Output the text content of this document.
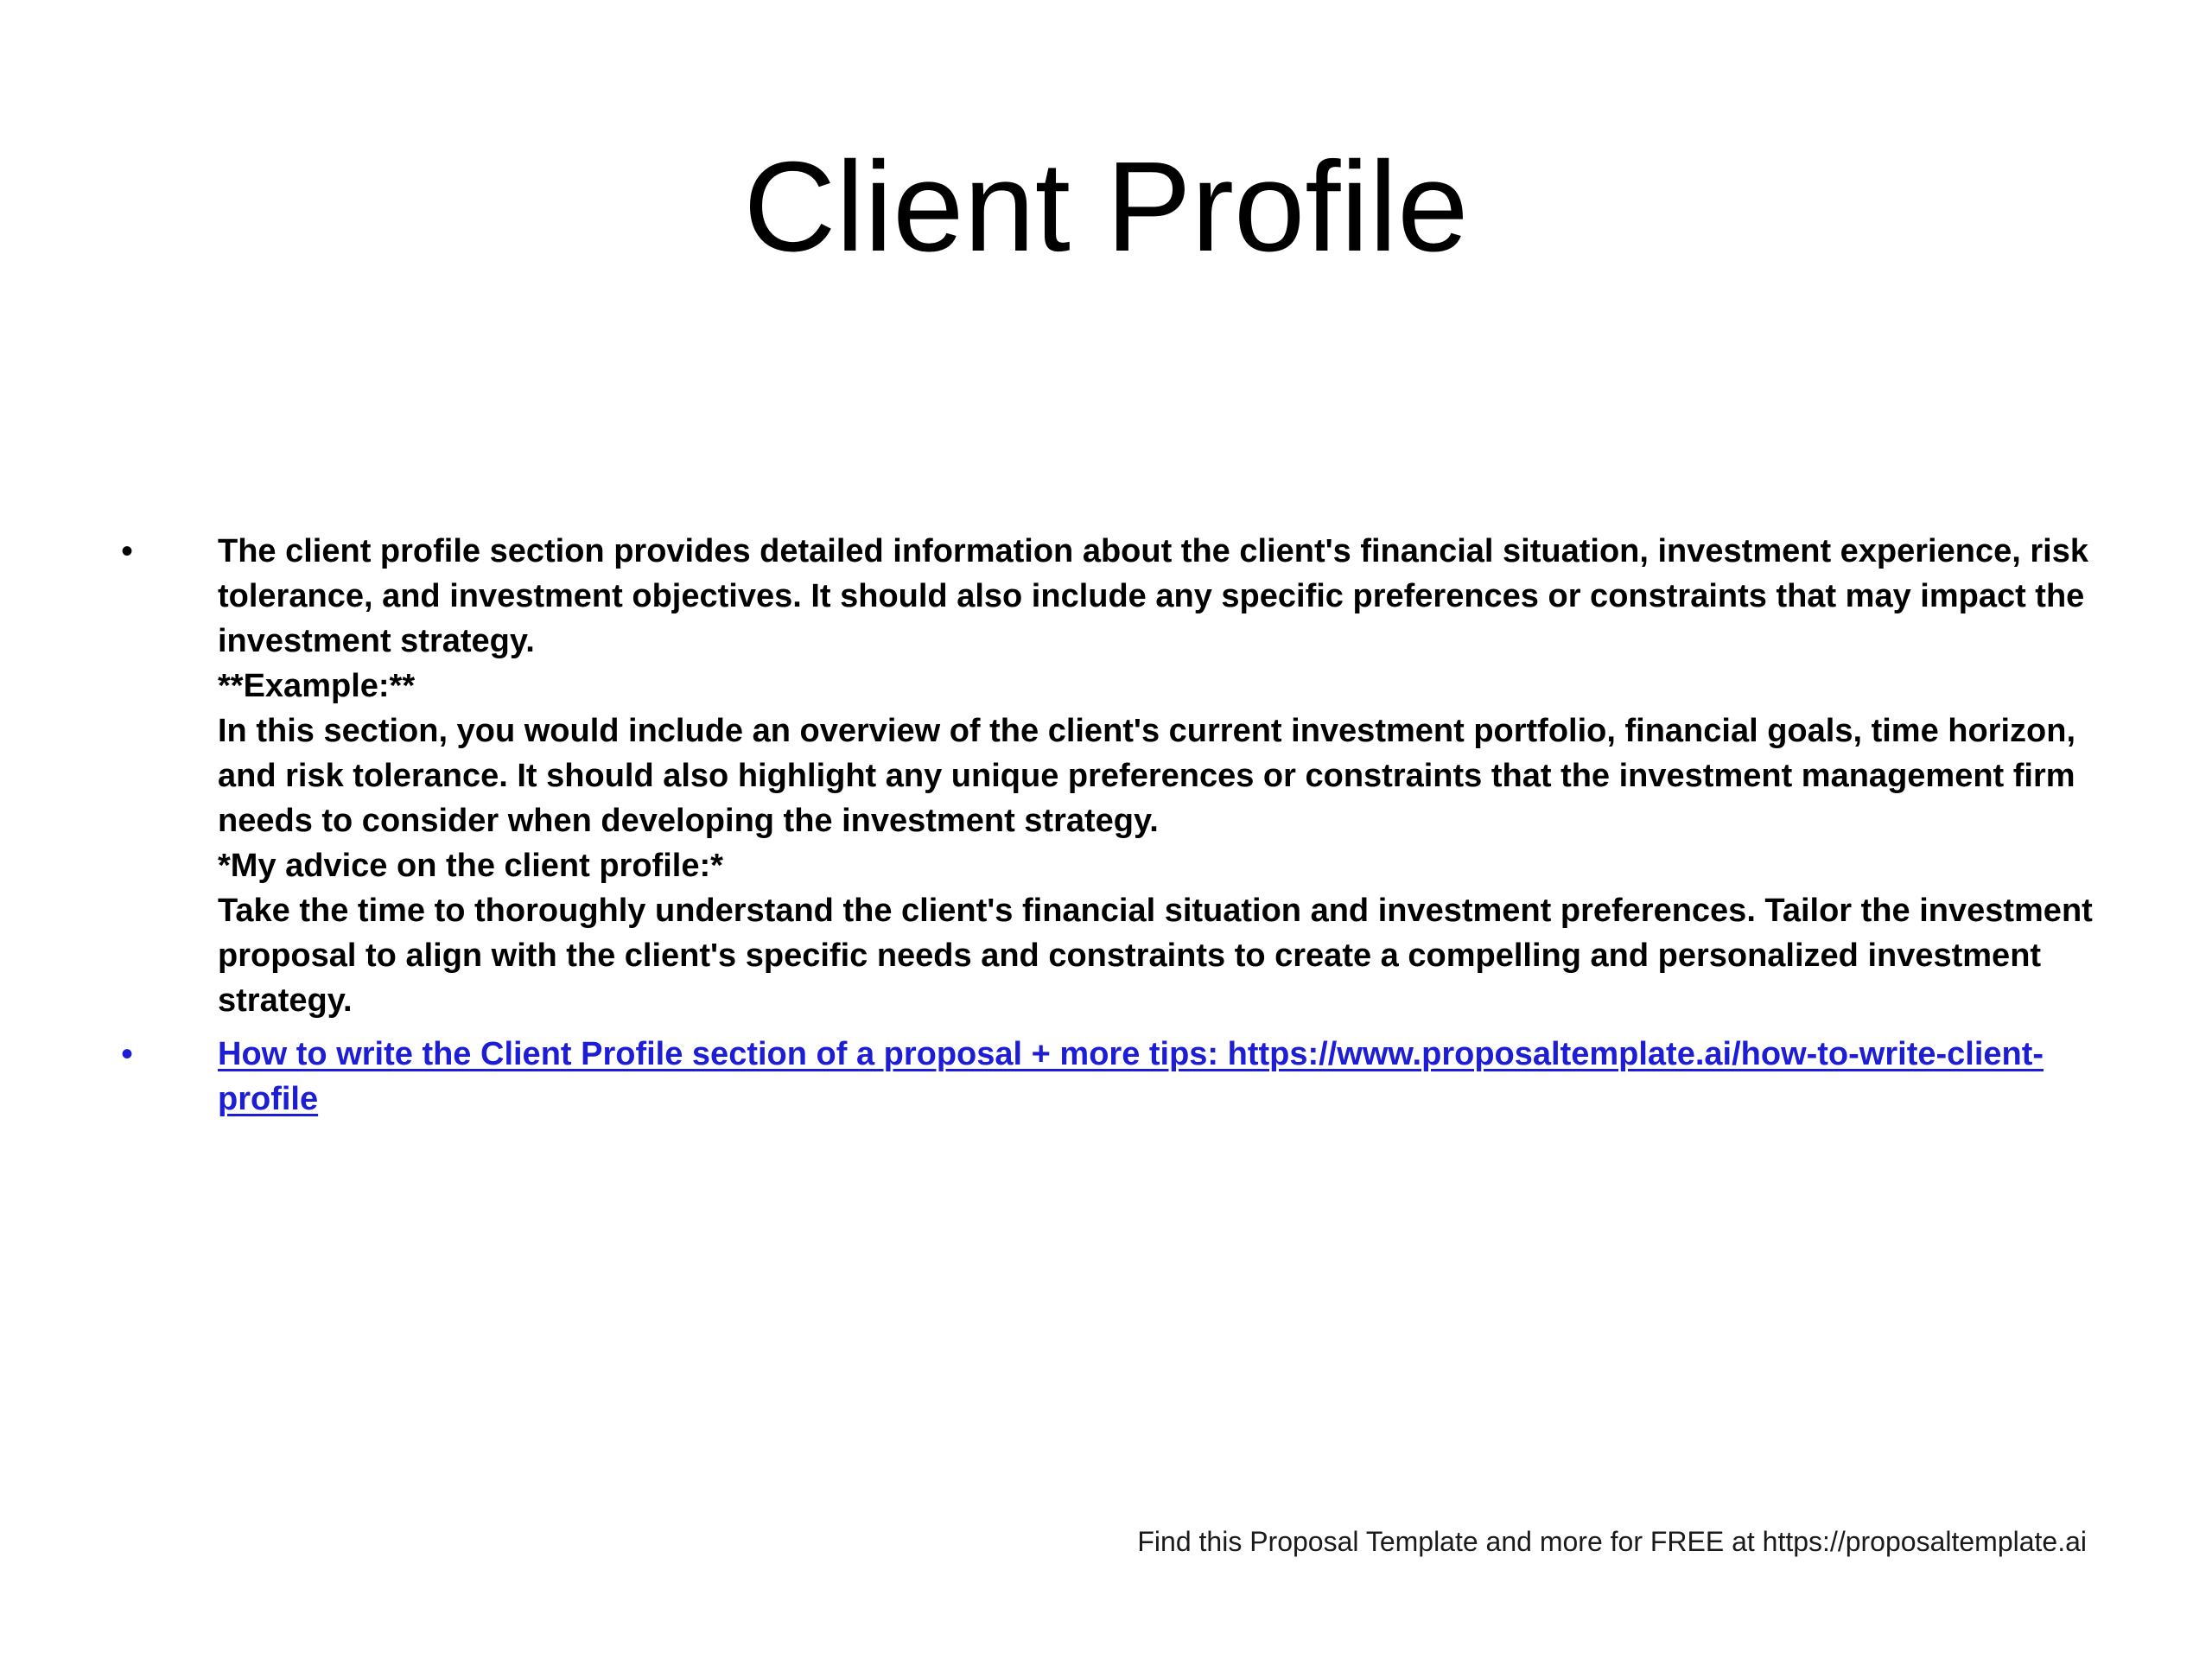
Client Profile
•	The client profile section provides detailed information about the client's financial situation, investment experience, risk tolerance, and investment objectives. It should also include any specific preferences or constraints that may impact the investment strategy.
**Example:**
In this section, you would include an overview of the client's current investment portfolio, financial goals, time horizon, and risk tolerance. It should also highlight any unique preferences or constraints that the investment management firm needs to consider when developing the investment strategy.
*My advice on the client profile:*
Take the time to thoroughly understand the client's financial situation and investment preferences. Tailor the investment proposal to align with the client's specific needs and constraints to create a compelling and personalized investment strategy.
•	How to write the Client Profile section of a proposal + more tips: https://www.proposaltemplate.ai/how-to-write-client-profile
Find this Proposal Template and more for FREE at https://proposaltemplate.ai
